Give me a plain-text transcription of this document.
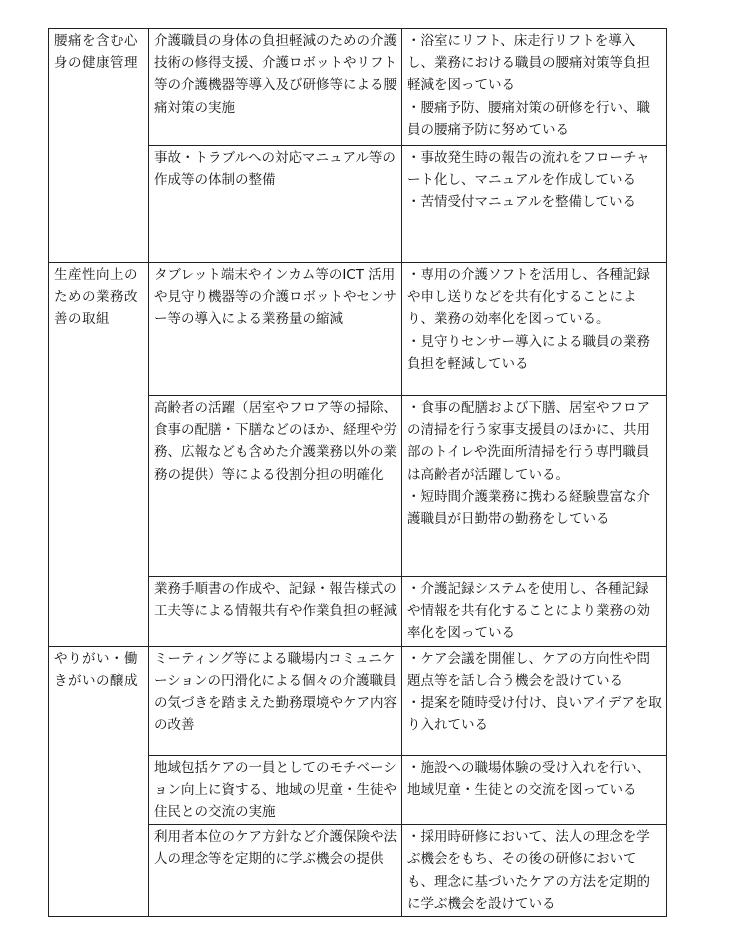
腰痛を含む心身の健康管理	介護職員の身体の負担軽減のための介護技術の修得支援、介護ロボットやリフト等の介護機器等導入及び研修等による腰痛対策の実施	・浴室にリフト、床走行リフトを導入し、業務における職員の腰痛対策等負担軽減を図っている
・腰痛予防、腰痛対策の研修を行い、職員の腰痛予防に努めている

	事故・トラブルへの対応マニュアル等の作成等の体制の整備	・事故発生時の報告の流れをフローチャート化し、マニュアルを作成している
・苦情受付マニュアルを整備している

生産性向上のための業務改善の取組	タブレット端末やインカム等のICT 活用や見守り機器等の介護ロボットやセンサー等の導入による業務量の縮減	・専用の介護ソフトを活用し、各種記録や申し送りなどを共有化することにより、業務の効率化を図っている。
・見守りセンサー導入による職員の業務負担を軽減している

	高齢者の活躍（居室やフロア等の掃除、食事の配膳・下膳などのほか、経理や労務、広報なども含めた介護業務以外の業務の提供）等による役割分担の明確化	・食事の配膳および下膳、居室やフロアの清掃を行う家事支援員のほかに、共用部のトイレや洗面所清掃を行う専門職員は高齢者が活躍している。
・短時間介護業務に携わる経験豊富な介護職員が日勤帯の勤務をしている

	業務手順書の作成や、記録・報告様式の工夫等による情報共有や作業負担の軽減	・介護記録システムを使用し、各種記録や情報を共有化することにより業務の効率化を図っている

やりがい・働きがいの醸成	ミーティング等による職場内コミュニケーションの円滑化による個々の介護職員の気づきを踏まえた勤務環境やケア内容の改善	・ケア会議を開催し、ケアの方向性や問題点等を話し合う機会を設けている
・提案を随時受け付け、良いアイデアを取り入れている

	地域包括ケアの一員としてのモチベーション向上に資する、地域の児童・生徒や住民との交流の実施	・施設への職場体験の受け入れを行い、地域児童・生徒との交流を図っている

	利用者本位のケア方針など介護保険や法人の理念等を定期的に学ぶ機会の提供	・採用時研修において、法人の理念を学ぶ機会をもち、その後の研修においても、理念に基づいたケアの方法を定期的に学ぶ機会を設けている
